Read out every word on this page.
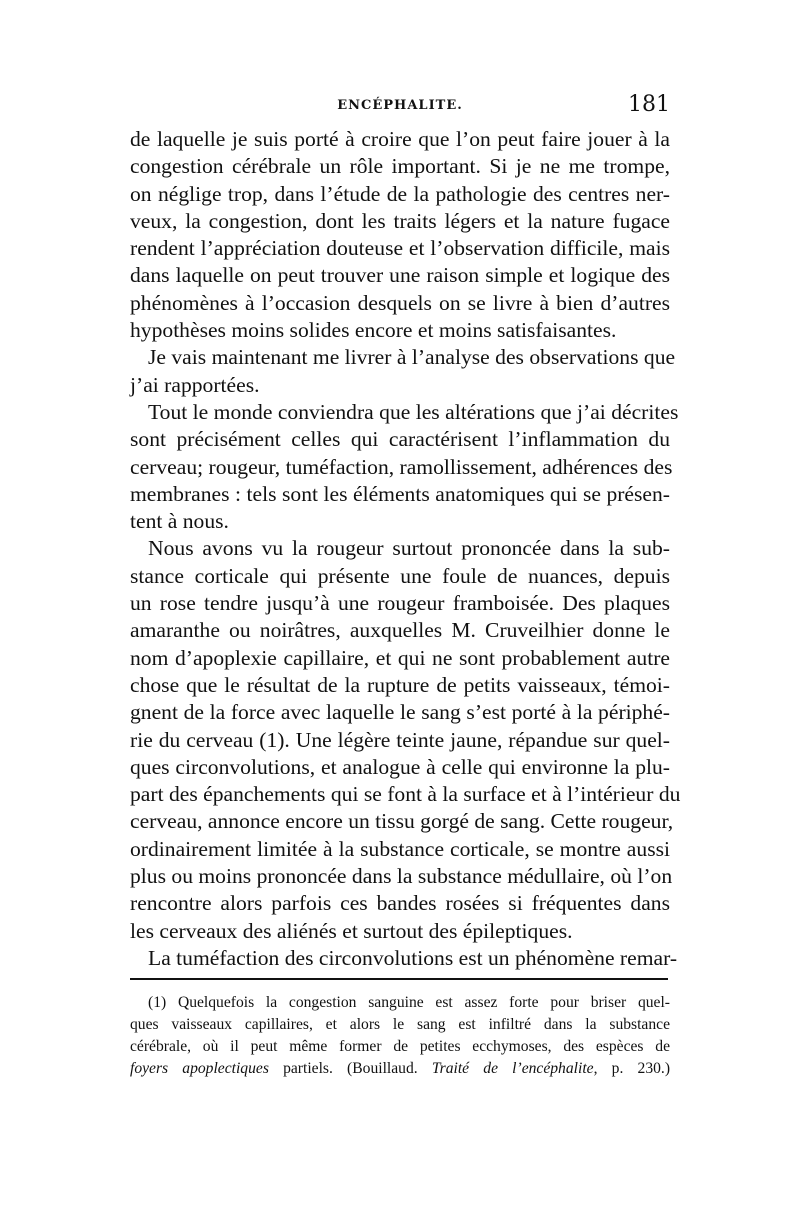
ENCÉPHALITE.	181
de laquelle je suis porté à croire que l’on peut faire jouer à la
congestion cérébrale un rôle important. Si je ne me trompe,
on néglige trop, dans l’étude de la pathologie des centres ner-
veux, la congestion, dont les traits légers et la nature fugace
rendent l’appréciation douteuse et l’observation difficile, mais
dans laquelle on peut trouver une raison simple et logique des
phénomènes à l’occasion desquels on se livre à bien d’autres
hypothèses moins solides encore et moins satisfaisantes.
Je vais maintenant me livrer à l’analyse des observations que
j’ai rapportées.
Tout le monde conviendra que les altérations que j’ai décrites
sont précisément celles qui caractérisent l’inflammation du
cerveau; rougeur, tuméfaction, ramollissement, adhérences des
membranes : tels sont les éléments anatomiques qui se présen-
tent à nous.
Nous avons vu la rougeur surtout prononcée dans la sub-
stance corticale qui présente une foule de nuances, depuis
un rose tendre jusqu’à une rougeur framboisée. Des plaques
amaranthe ou noirâtres, auxquelles M. Cruveilhier donne le
nom d’apoplexie capillaire, et qui ne sont probablement autre
chose que le résultat de la rupture de petits vaisseaux, témoi-
gnent de la force avec laquelle le sang s’est porté à la périphé-
rie du cerveau (1). Une légère teinte jaune, répandue sur quel-
ques circonvolutions, et analogue à celle qui environne la plu-
part des épanchements qui se font à la surface et à l’intérieur du
cerveau, annonce encore un tissu gorgé de sang. Cette rougeur,
ordinairement limitée à la substance corticale, se montre aussi
plus ou moins prononcée dans la substance médullaire, où l’on
rencontre alors parfois ces bandes rosées si fréquentes dans
les cerveaux des aliénés et surtout des épileptiques.
La tuméfaction des circonvolutions est un phénomène remar-
(1) Quelquefois la congestion sanguine est assez forte pour briser quel-
ques vaisseaux capillaires, et alors le sang est infiltré dans la substance
cérébrale, où il peut même former de petites ecchymoses, des espèces de
foyers apoplectiques partiels. (Bouillaud. Traité de l’encéphalite, p. 230.)
